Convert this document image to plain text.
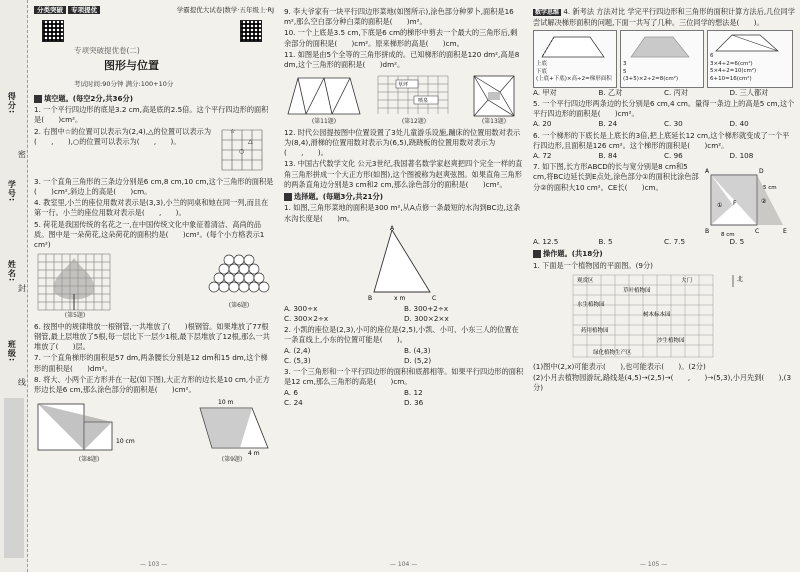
得分:
学号:
姓名:
班级:
密
封
线
分类突破 专项提优	学霸提优大试卷|数学·五年级上·RJ
专项突破提优卷(二)
图形与位置
考试时间:90分钟 满分:100+10分
填空题。(每空2分,共36分)
1. 一个平行四边形的底是3.2 cm,高是底的2.5倍。这个平行四边形的面积是(　　)cm²。
2. 右图中☆的位置可以表示为(2,4),△的位置可以表示为(　　,　　),○的位置可以表示为(　　,　　)。
☆
△
○
3. 一个直角三角形的三条边分别是6 cm,8 cm,10 cm,这个三角形的面积是(　　)cm²,斜边上的高是(　　)cm。
4. 教室里,小兰的座位用数对表示是(3,3),小兰的同桌和她在同一列,而且在第一行。小兰的座位用数对表示是(　　,　　)。
5. 荷花是我国传统的名花之一,在中国传统文化中象征着清洁、高尚的品质。图中是一朵荷花,这朵荷花的面积约是(　　)cm²。(每个小方格表示1 cm²)
(第5题)
(第6题)
6. 按图中的规律堆放一根钢管,一共堆放了(　　)根钢管。如果堆放了77根钢管,最上层堆放了5根,每一层比下一层少1根,最下层堆放了12根,那么一共堆放了(　　)层。
7. 一个直角梯形的面积是57 dm,两条腰长分别是12 dm和15 dm,这个梯形的面积是(　　)dm²。
8. 将大、小两个正方形并在一起(如下图),大正方形的边长是10 cm,小正方形边长是6 cm,那么涂色部分的面积是(　　)cm²。
10 cm
(第8题)
10 m
4 m
(第9题)
— 103 —
9. 李大爷家有一块平行四边形菜地(如图所示),涂色部分种萝卜,面积是16 m²,那么空白部分种白菜的面积是(　　)m²。
10. 一个上底是3.5 cm,下底是6 cm的梯形中剪去一个最大的三角形后,剩余部分的面积是(　　)cm²。原来梯形的高是(　　)cm。
11. 如图是由5个全等的三角形拼成的。已知梯形的面积是120 dm²,高是8 dm,这个三角形的面积是(　　)dm²。
(第11题)
草坪
喷泉
(第12题)	(第13题)
12. 时代公园提按图中位置设置了3处儿童游乐设施,蹦床的位置用数对表示为(8,4),滑梯的位置用数对表示为(6,5),跷跷板的位置用数对表示为(　　,　　)。
13. 中国古代数学文化 公元3世纪,我国著名数学家赵爽把四个完全一样的直角三角形拼成一个大正方形(如图),这个图被称为赵爽弦图。如果直角三角形的两条直角边分别是3 cm和2 cm,那么涂色部分的面积是(　　)cm²。
选择题。(每题3分,共21分)
1. 如图,三角形菜地的面积是300 m²,从A点修一条最短的水沟到BC边,这条水沟长度是(　　)m。
A
B	C
x m
A. 300÷x	B. 300+2÷x
C. 300×2÷x	D. 300×2×x
2. 小凯的座位是(2,3),小可的座位是(2,5),小凯、小可、小东三人的位置在一条直线上,小东的位置可能是(　　)。
A. (2,4)	B. (4,3)
C. (5,3)	D. (5,2)
3. 一个三角形和一个平行四边形的面积和底都相等。如果平行四边形的面积是12 cm,那么三角形的高是(　　)cm。
A. 6	B. 12
C. 24	D. 36
— 104 —
数学思维 4. 新考法 方法对比 学完平行四边形和三角形的面积计算方法后,几位同学尝试解决梯形面积的问题,下面一共写了几种。三位同学的想法是(　　)。
上底
下底
(上底+下底)×高÷2=梯形面积
3
5
(3+5)×2÷2=8(cm²)
6
3×4÷2=6(cm²)
5×4÷2=10(cm²)
6+10=16(cm²)
A. 甲对	B. 乙对	C. 丙对	D. 三人都对
5. 一个平行四边形两条边的长分别是6 cm,4 cm。量得一条边上的高是5 cm,这个平行四边形的面积是(　　)cm²。
A. 20	B. 24	C. 30	D. 40
6. 一个梯形的下底长是上底长的3倍,把上底延长12 cm,这个梯形就变成了一个平行四边形,且面积是126 cm²。这个梯形的面积是(　　)cm²。
A. 72	B. 84	C. 96	D. 108
7. 如下图,长方形ABCD的长与宽分别是8 cm和5 cm,将BC边延长到E点处,涂色部分①的面积比涂色部分②的面积大10 cm²。CE长(　　)cm。
A	D
B	C	E
F
①
②
8 cm
5 cm
A. 12.5	B. 5	C. 7.5	D. 5
操作题。(共18分)
1. 下面是一个植物园的平面图。(9分)
观赏区	大门
草叶植物园
水生植物园
树木标本园
药用植物园
沙生植物园
绿化植物生产区
北
(1)图中(2,x)可能表示(　　),也可能表示(　　)。(2分)
(2)小月去植物园游玩,路线是(4,5)→(2,5)→(　　,　　)→(5,3),小月先到(　　),(3分)
— 105 —
